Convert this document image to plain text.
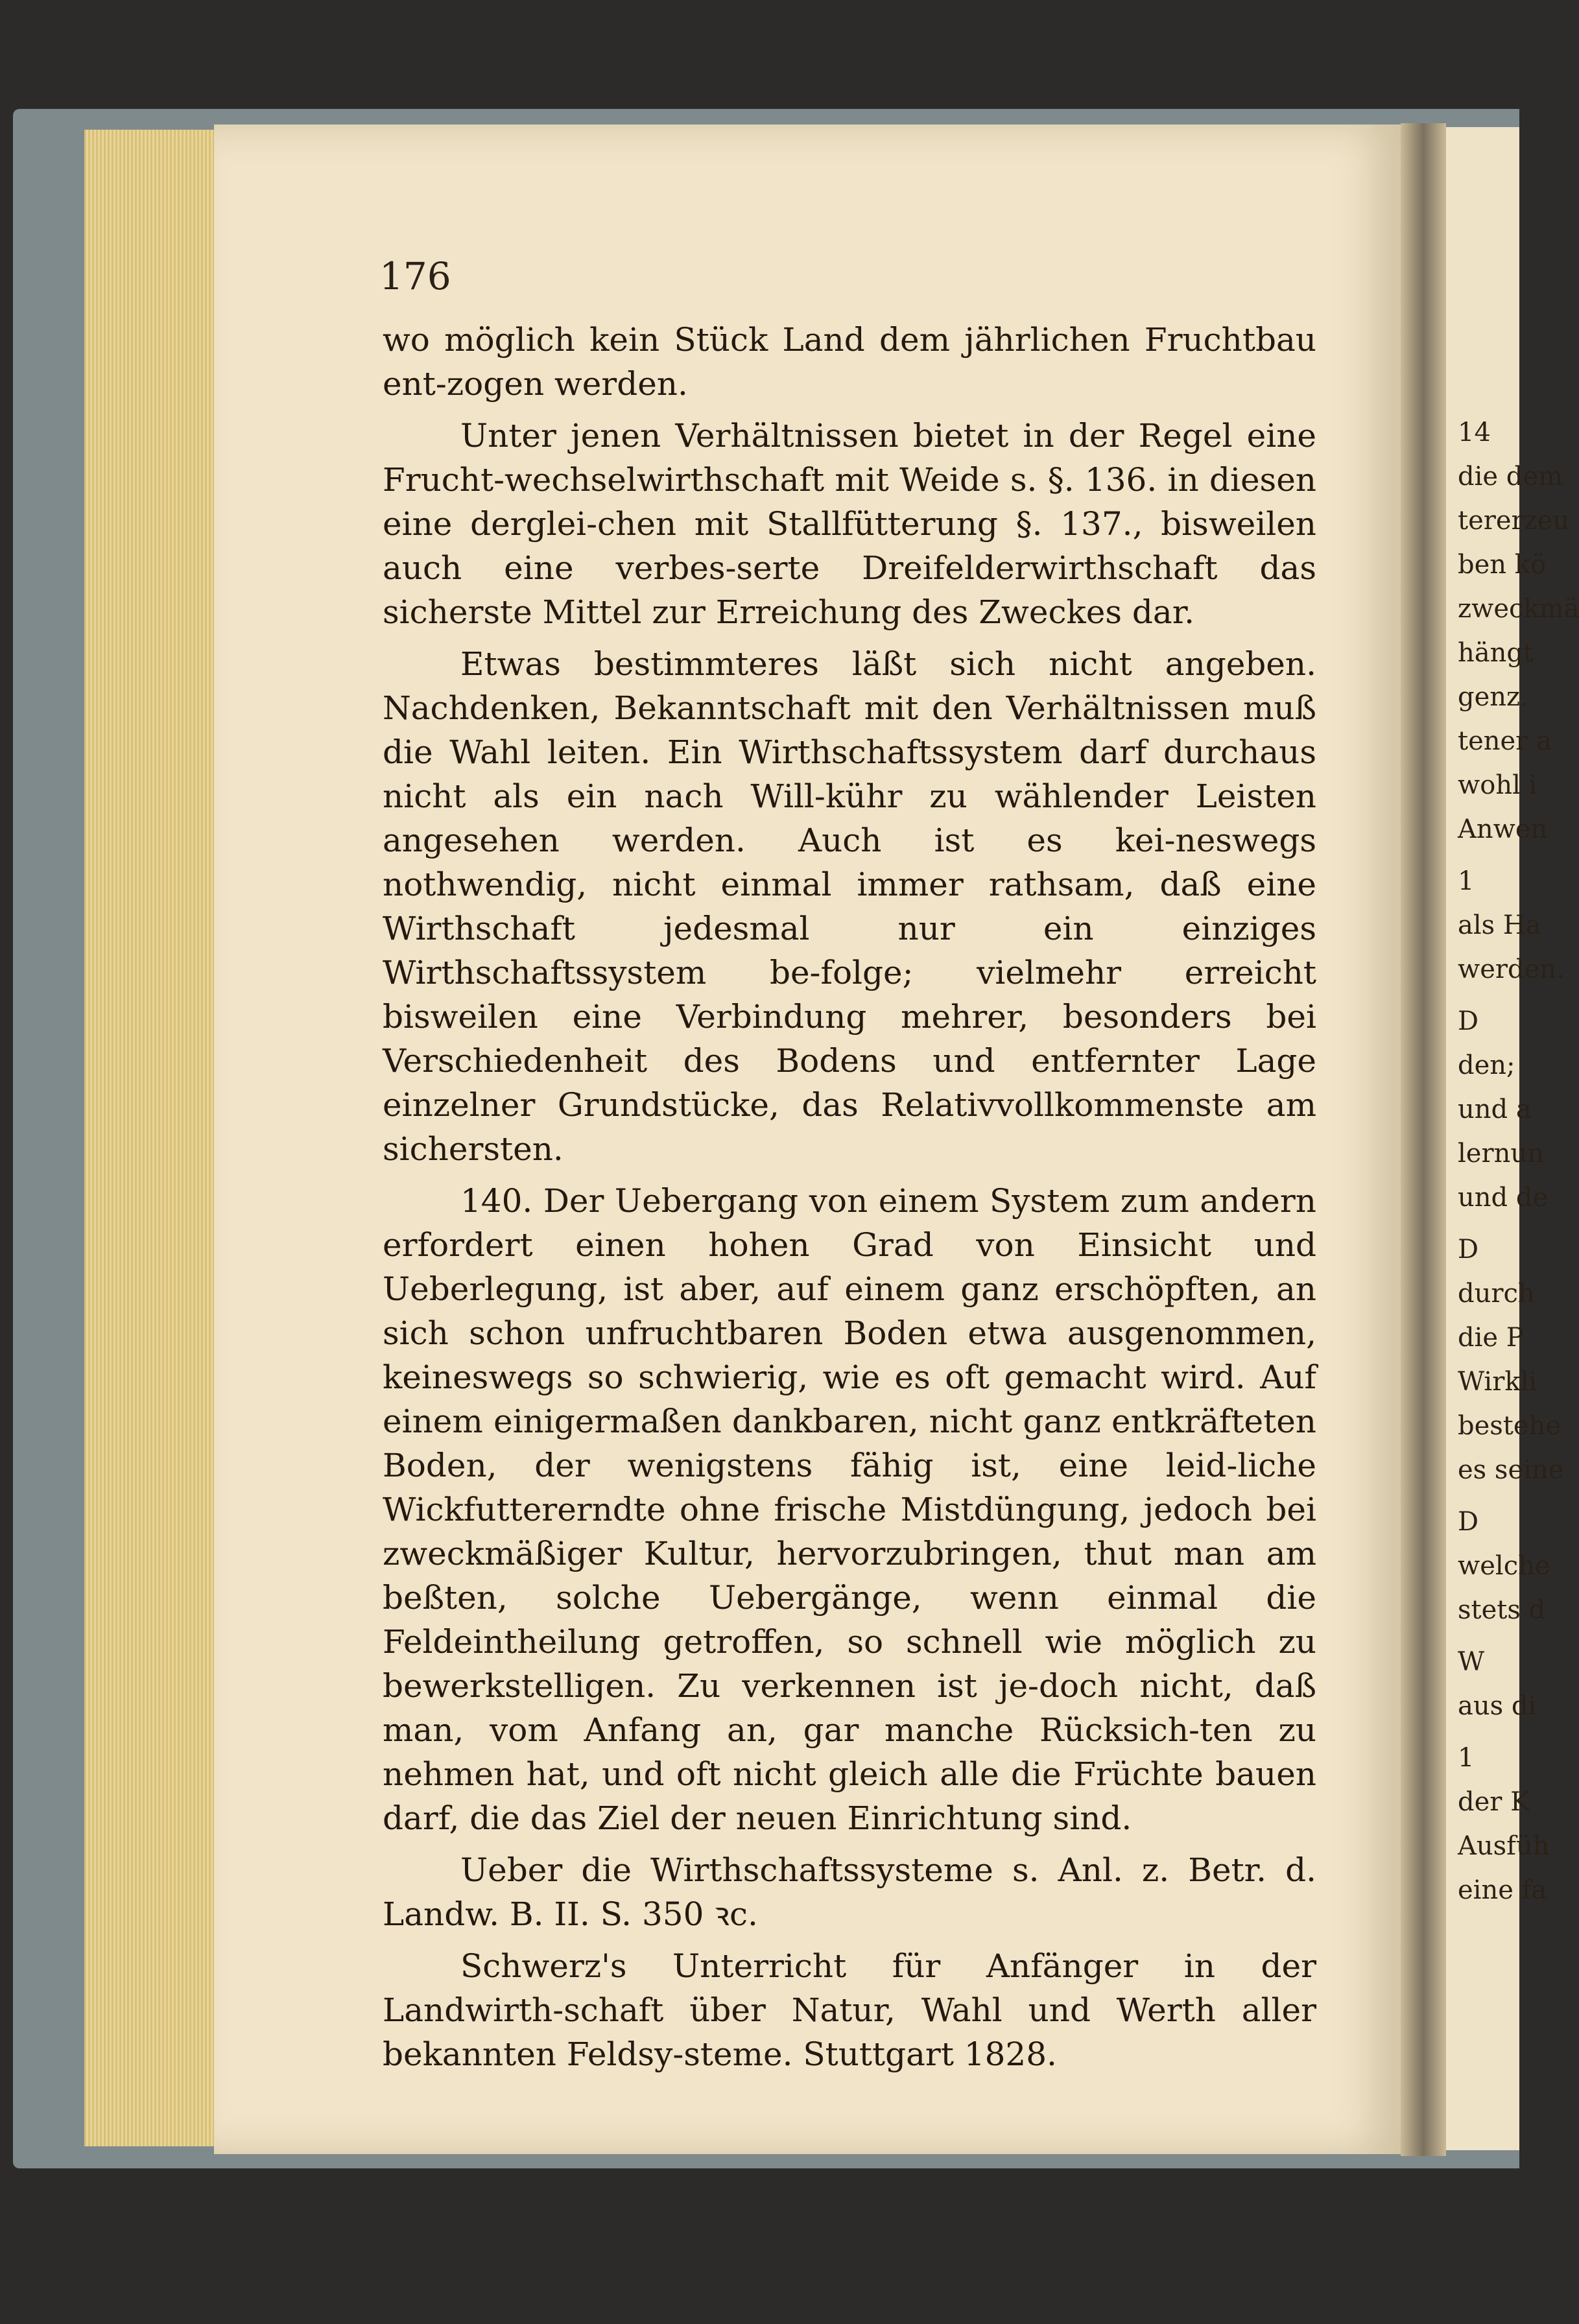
14
die dem
tererzeu
ben kö
zweckmä
hängt
genz.
tener a
wohl i
Anwen
1
als Ha
werden.
D
den;
und a
lernun
und de
D
durch
die P
Wirkli
bestehe
es seine
D
welche
stets d
W
aus di
1
der K
Ausfüh
eine fa
176

wo möglich kein Stück Land dem jährlichen Fruchtbau ent-zogen werden.

Unter jenen Verhältnissen bietet in der Regel eine Frucht-wechselwirthschaft mit Weide s. §. 136. in diesen eine derglei-chen mit Stallfütterung §. 137., bisweilen auch eine verbes-serte Dreifelderwirthschaft das sicherste Mittel zur Erreichung des Zweckes dar.

Etwas bestimmteres läßt sich nicht angeben. Nachdenken, Bekanntschaft mit den Verhältnissen muß die Wahl leiten. Ein Wirthschaftssystem darf durchaus nicht als ein nach Will-kühr zu wählender Leisten angesehen werden. Auch ist es kei-neswegs nothwendig, nicht einmal immer rathsam, daß eine Wirthschaft jedesmal nur ein einziges Wirthschaftssystem be-folge; vielmehr erreicht bisweilen eine Verbindung mehrer, besonders bei Verschiedenheit des Bodens und entfernter Lage einzelner Grundstücke, das Relativvollkommenste am sichersten.

140. Der Uebergang von einem System zum andern erfordert einen hohen Grad von Einsicht und Ueberlegung, ist aber, auf einem ganz erschöpften, an sich schon unfruchtbaren Boden etwa ausgenommen, keineswegs so schwierig, wie es oft gemacht wird. Auf einem einigermaßen dankbaren, nicht ganz entkräfteten Boden, der wenigstens fähig ist, eine leid-liche Wickfuttererndte ohne frische Mistdüngung, jedoch bei zweckmäßiger Kultur, hervorzubringen, thut man am beßten, solche Uebergänge, wenn einmal die Feldeintheilung getroffen, so schnell wie möglich zu bewerkstelligen. Zu verkennen ist je-doch nicht, daß man, vom Anfang an, gar manche Rücksich-ten zu nehmen hat, und oft nicht gleich alle die Früchte bauen darf, die das Ziel der neuen Einrichtung sind.

Ueber die Wirthschaftssysteme s. Anl. z. Betr. d. Landw. B. II. S. 350 ꝛc.

Schwerz's Unterricht für Anfänger in der Landwirth-schaft über Natur, Wahl und Werth aller bekannten Feldsy-steme. Stuttgart 1828.
